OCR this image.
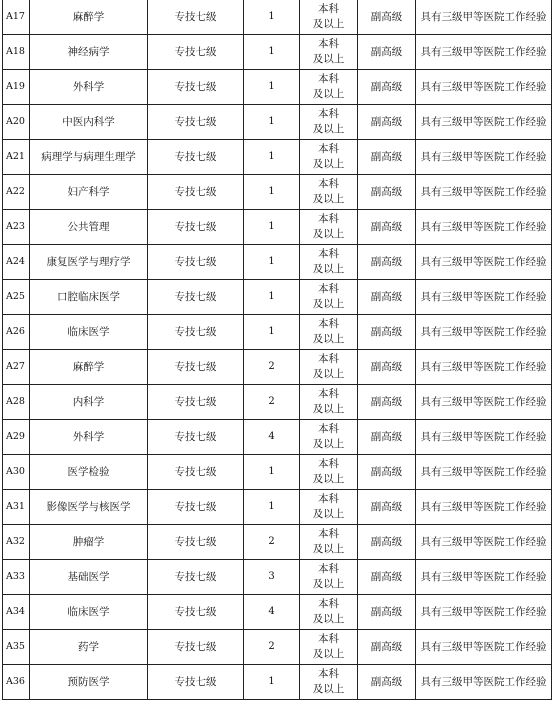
A17	麻醉学	专技七级	1	本科
及以上	副高级	具有三级甲等医院工作经验
A18	神经病学	专技七级	1	本科
及以上	副高级	具有三级甲等医院工作经验
A19	外科学	专技七级	1	本科
及以上	副高级	具有三级甲等医院工作经验
A20	中医内科学	专技七级	1	本科
及以上	副高级	具有三级甲等医院工作经验
A21	病理学与病理生理学	专技七级	1	本科
及以上	副高级	具有三级甲等医院工作经验
A22	妇产科学	专技七级	1	本科
及以上	副高级	具有三级甲等医院工作经验
A23	公共管理	专技七级	1	本科
及以上	副高级	具有三级甲等医院工作经验
A24	康复医学与理疗学	专技七级	1	本科
及以上	副高级	具有三级甲等医院工作经验
A25	口腔临床医学	专技七级	1	本科
及以上	副高级	具有三级甲等医院工作经验
A26	临床医学	专技七级	1	本科
及以上	副高级	具有三级甲等医院工作经验
A27	麻醉学	专技七级	2	本科
及以上	副高级	具有三级甲等医院工作经验
A28	内科学	专技七级	2	本科
及以上	副高级	具有三级甲等医院工作经验
A29	外科学	专技七级	4	本科
及以上	副高级	具有三级甲等医院工作经验
A30	医学检验	专技七级	1	本科
及以上	副高级	具有三级甲等医院工作经验
A31	影像医学与核医学	专技七级	1	本科
及以上	副高级	具有三级甲等医院工作经验
A32	肿瘤学	专技七级	2	本科
及以上	副高级	具有三级甲等医院工作经验
A33	基础医学	专技七级	3	本科
及以上	副高级	具有三级甲等医院工作经验
A34	临床医学	专技七级	4	本科
及以上	副高级	具有三级甲等医院工作经验
A35	药学	专技七级	2	本科
及以上	副高级	具有三级甲等医院工作经验
A36	预防医学	专技七级	1	本科
及以上	副高级	具有三级甲等医院工作经验
